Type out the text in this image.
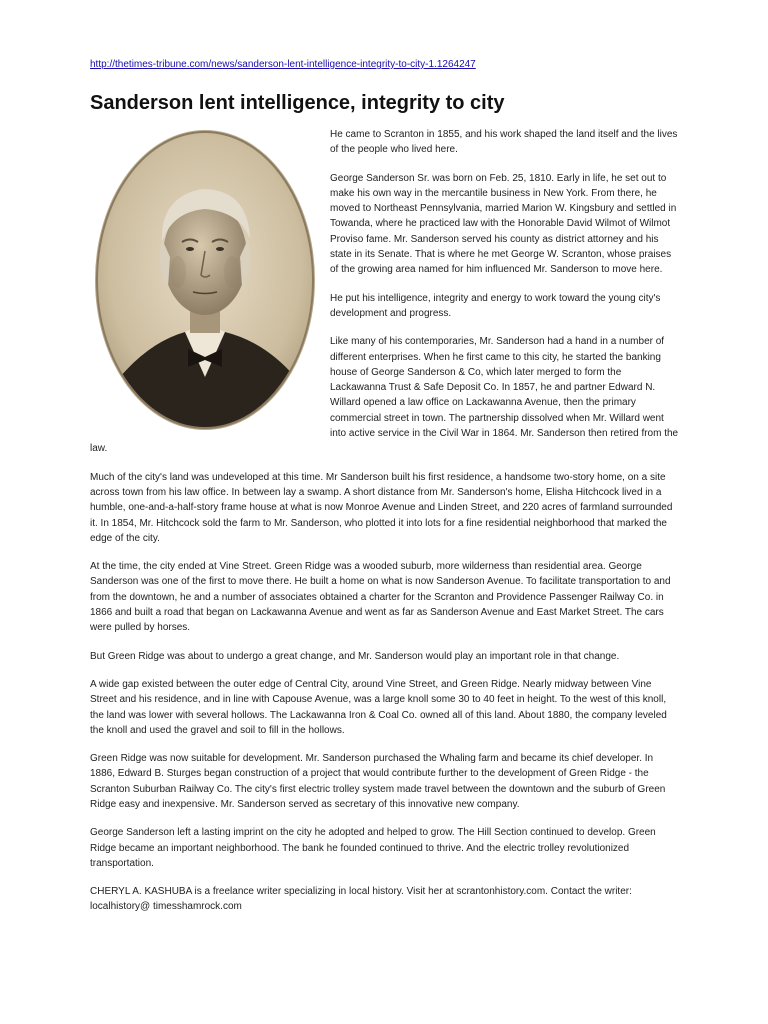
http://thetimes-tribune.com/news/sanderson-lent-intelligence-integrity-to-city-1.1264247
Sanderson lent intelligence, integrity to city

He came to Scranton in 1855, and his work shaped the land itself and the lives of the people who lived here.

George Sanderson Sr. was born on Feb. 25, 1810. Early in life, he set out to make his own way in the mercantile business in New York. From there, he moved to Northeast Pennsylvania, married Marion W. Kingsbury and settled in Towanda, where he practiced law with the Honorable David Wilmot of Wilmot Proviso fame. Mr. Sanderson served his county as district attorney and his state in its Senate. That is where he met George W. Scranton, whose praises of the growing area named for him influenced Mr. Sanderson to move here.

He put his intelligence, integrity and energy to work toward the young city's development and progress.

Like many of his contemporaries, Mr. Sanderson had a hand in a number of different enterprises. When he first came to this city, he started the banking house of George Sanderson & Co, which later merged to form the Lackawanna Trust & Safe Deposit Co. In 1857, he and partner Edward N. Willard opened a law office on Lackawanna Avenue, then the primary commercial street in town. The partnership dissolved when Mr. Willard went into active service in the Civil War in 1864. Mr. Sanderson then retired from the law.

Much of the city's land was undeveloped at this time. Mr Sanderson built his first residence, a handsome two-story home, on a site across town from his law office. In between lay a swamp. A short distance from Mr. Sanderson's home, Elisha Hitchcock lived in a humble, one-and-a-half-story frame house at what is now Monroe Avenue and Linden Street, and 220 acres of farmland surrounded it. In 1854, Mr. Hitchcock sold the farm to Mr. Sanderson, who plotted it into lots for a fine residential neighborhood that marked the edge of the city.

At the time, the city ended at Vine Street. Green Ridge was a wooded suburb, more wilderness than residential area. George Sanderson was one of the first to move there. He built a home on what is now Sanderson Avenue. To facilitate transportation to and from the downtown, he and a number of associates obtained a charter for the Scranton and Providence Passenger Railway Co. in 1866 and built a road that began on Lackawanna Avenue and went as far as Sanderson Avenue and East Market Street. The cars were pulled by horses.

But Green Ridge was about to undergo a great change, and Mr. Sanderson would play an important role in that change.

A wide gap existed between the outer edge of Central City, around Vine Street, and Green Ridge. Nearly midway between Vine Street and his residence, and in line with Capouse Avenue, was a large knoll some 30 to 40 feet in height. To the west of this knoll, the land was lower with several hollows. The Lackawanna Iron & Coal Co. owned all of this land. About 1880, the company leveled the knoll and used the gravel and soil to fill in the hollows.

Green Ridge was now suitable for development. Mr. Sanderson purchased the Whaling farm and became its chief developer. In 1886, Edward B. Sturges began construction of a project that would contribute further to the development of Green Ridge - the Scranton Suburban Railway Co. The city's first electric trolley system made travel between the downtown and the suburb of Green Ridge easy and inexpensive. Mr. Sanderson served as secretary of this innovative new company.

George Sanderson left a lasting imprint on the city he adopted and helped to grow. The Hill Section continued to develop. Green Ridge became an important neighborhood. The bank he founded continued to thrive. And the electric trolley revolutionized transportation.

CHERYL A. KASHUBA is a freelance writer specializing in local history. Visit her at scrantonhistory.com. Contact the writer: localhistory@ timesshamrock.com
